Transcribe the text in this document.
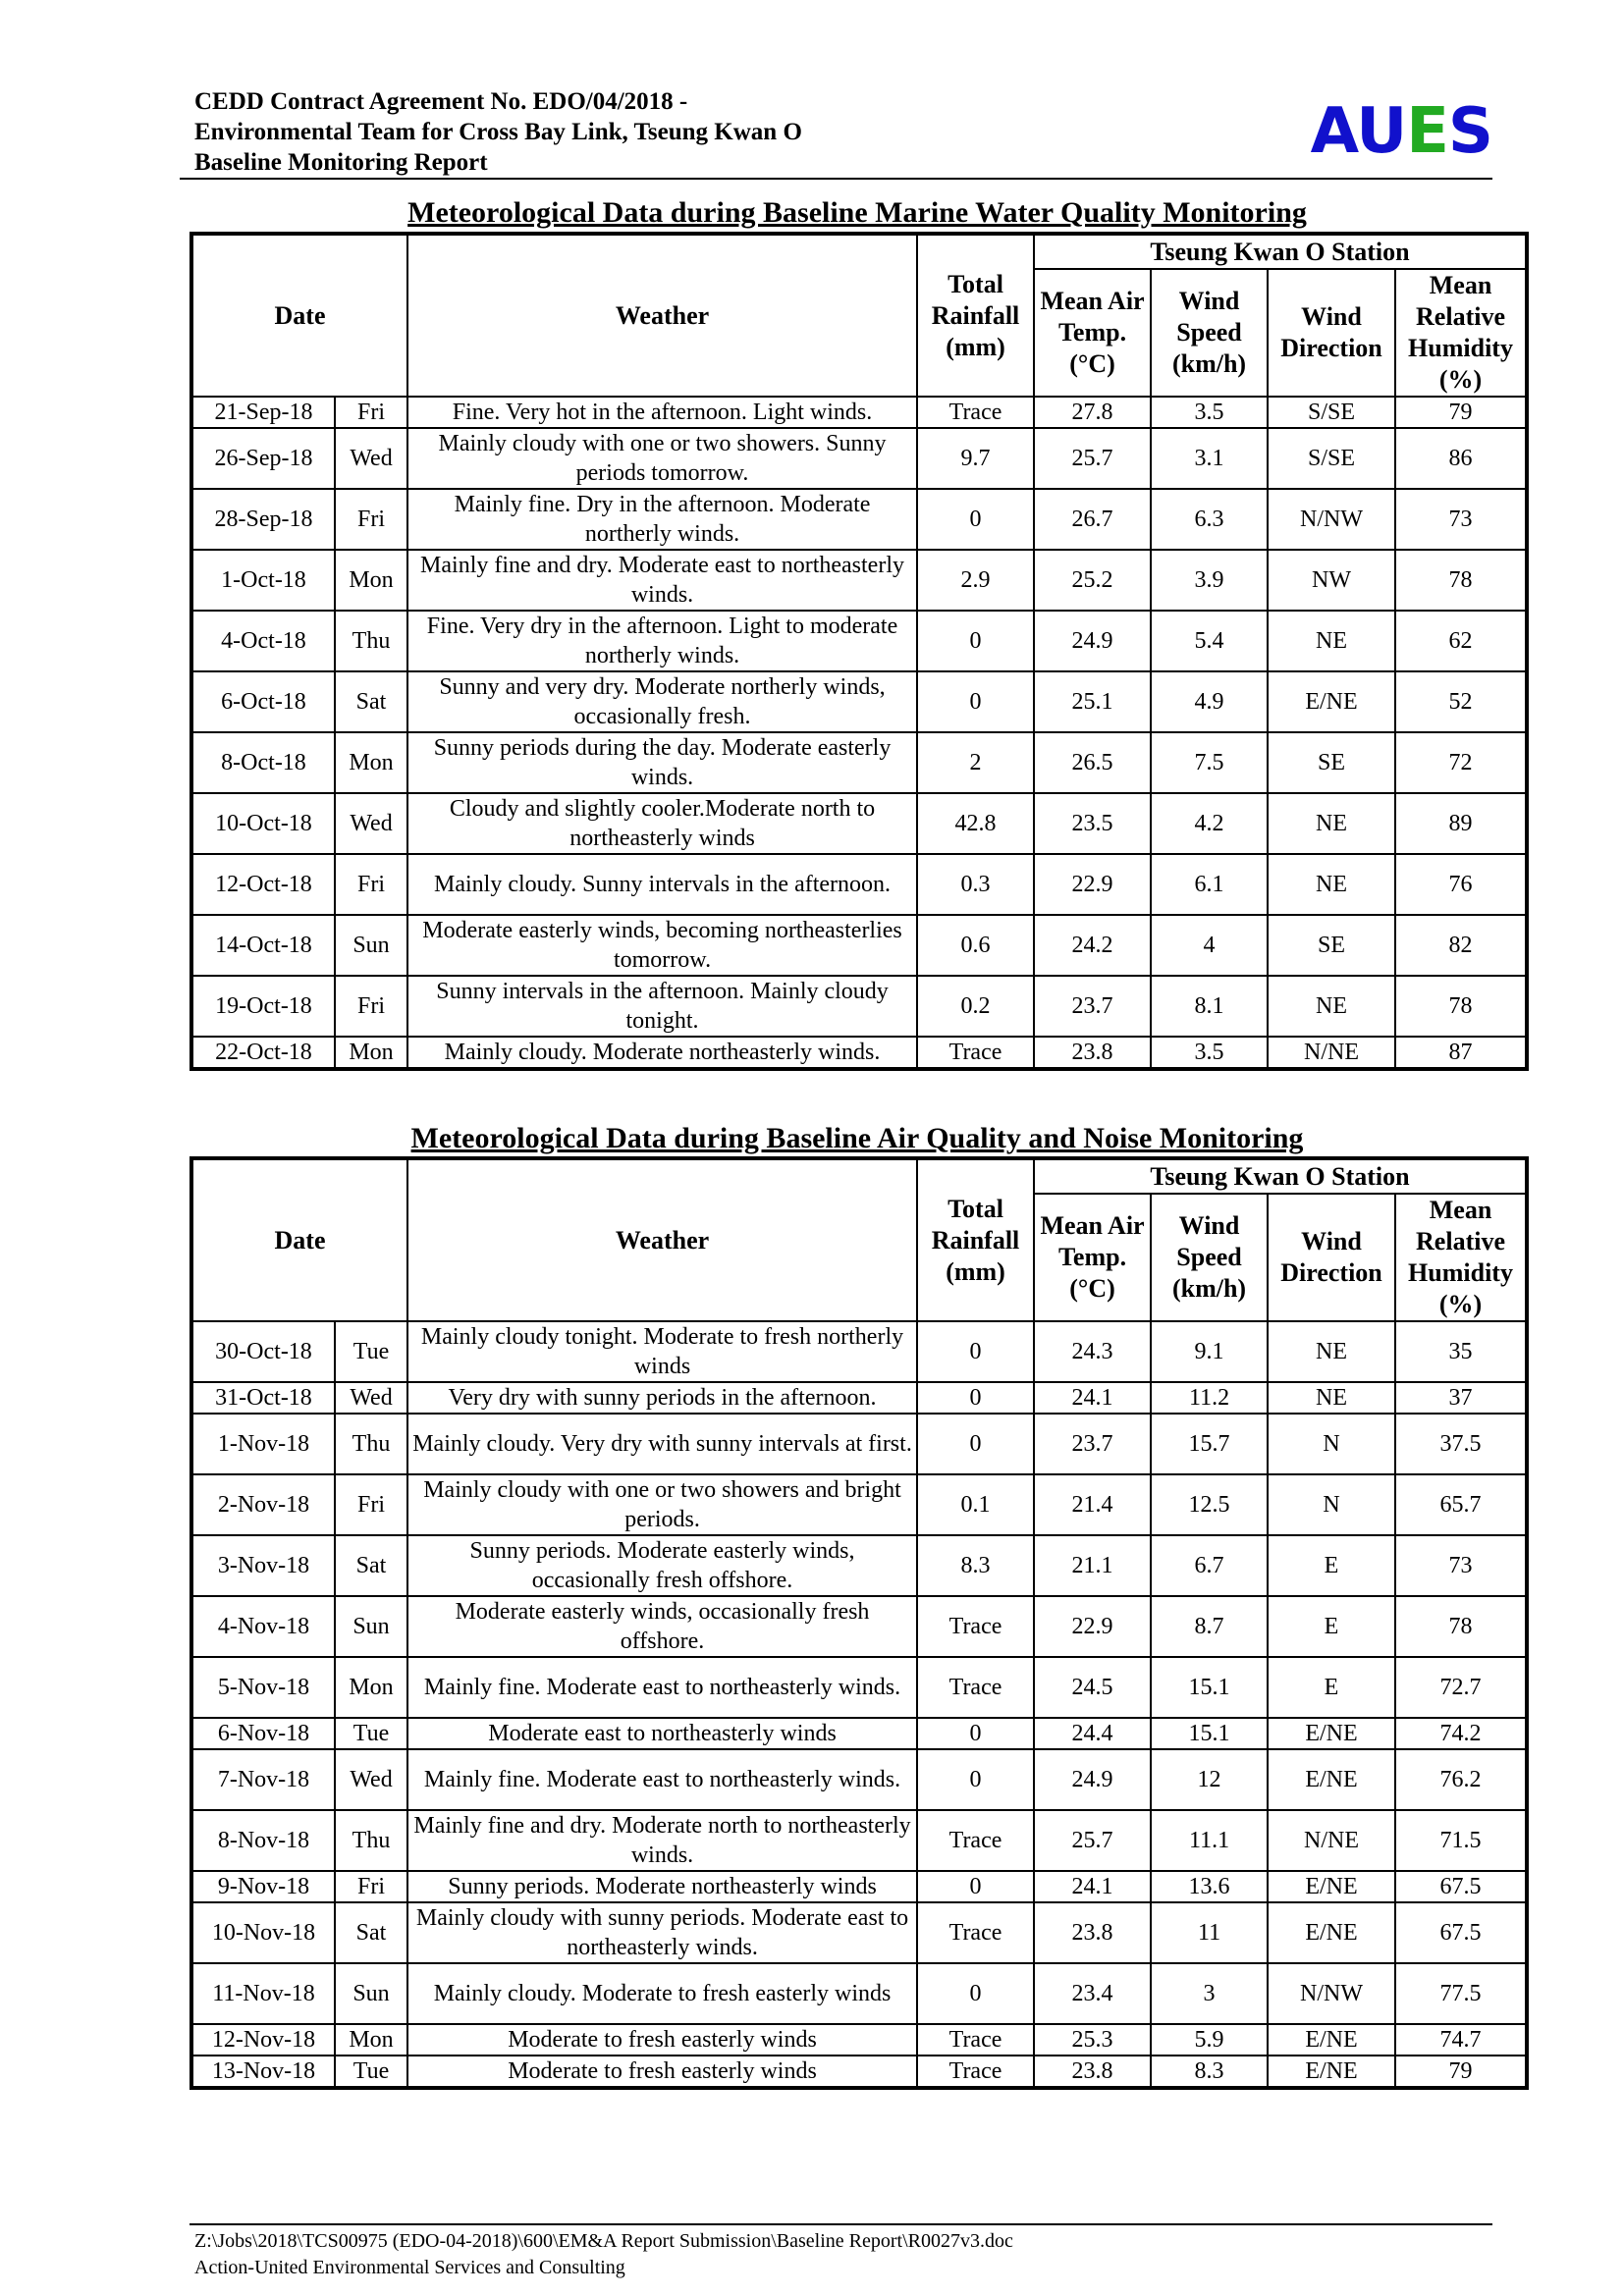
CEDD Contract Agreement No. EDO/04/2018 -
Environmental Team for Cross Bay Link, Tseung Kwan O
Baseline Monitoring Report	AUES
Meteorological Data during Baseline Marine Water Quality Monitoring
Date		Weather	Total Rainfall (mm)	Tseung Kwan O Station			
				Mean Air Temp. (°C)	Wind Speed (km/h)	Wind Direction	Mean Relative Humidity (%)
21-Sep-18	Fri	Fine. Very hot in the afternoon. Light winds.	Trace	27.8	3.5	S/SE	79
26-Sep-18	Wed	Mainly cloudy with one or two showers. Sunny periods tomorrow.	9.7	25.7	3.1	S/SE	86
28-Sep-18	Fri	Mainly fine. Dry in the afternoon. Moderate northerly winds.	0	26.7	6.3	N/NW	73
1-Oct-18	Mon	Mainly fine and dry. Moderate east to northeasterly winds.	2.9	25.2	3.9	NW	78
4-Oct-18	Thu	Fine. Very dry in the afternoon. Light to moderate northerly winds.	0	24.9	5.4	NE	62
6-Oct-18	Sat	Sunny and very dry. Moderate northerly winds, occasionally fresh.	0	25.1	4.9	E/NE	52
8-Oct-18	Mon	Sunny periods during the day. Moderate easterly winds.	2	26.5	7.5	SE	72
10-Oct-18	Wed	Cloudy and slightly cooler.Moderate north to northeasterly winds	42.8	23.5	4.2	NE	89
12-Oct-18	Fri	Mainly cloudy. Sunny intervals in the afternoon.	0.3	22.9	6.1	NE	76
14-Oct-18	Sun	Moderate easterly winds, becoming northeasterlies tomorrow.	0.6	24.2	4	SE	82
19-Oct-18	Fri	Sunny intervals in the afternoon. Mainly cloudy tonight.	0.2	23.7	8.1	NE	78
22-Oct-18	Mon	Mainly cloudy. Moderate northeasterly winds.	Trace	23.8	3.5	N/NE	87
Meteorological Data during Baseline Air Quality and Noise Monitoring
Date		Weather	Total Rainfall (mm)	Tseung Kwan O Station			
				Mean Air Temp. (°C)	Wind Speed (km/h)	Wind Direction	Mean Relative Humidity (%)
30-Oct-18	Tue	Mainly cloudy tonight. Moderate to fresh northerly winds	0	24.3	9.1	NE	35
31-Oct-18	Wed	Very dry with sunny periods in the afternoon.	0	24.1	11.2	NE	37
1-Nov-18	Thu	Mainly cloudy. Very dry with sunny intervals at first.	0	23.7	15.7	N	37.5
2-Nov-18	Fri	Mainly cloudy with one or two showers and bright periods.	0.1	21.4	12.5	N	65.7
3-Nov-18	Sat	Sunny periods. Moderate easterly winds, occasionally fresh offshore.	8.3	21.1	6.7	E	73
4-Nov-18	Sun	Moderate easterly winds, occasionally fresh offshore.	Trace	22.9	8.7	E	78
5-Nov-18	Mon	Mainly fine. Moderate east to northeasterly winds.	Trace	24.5	15.1	E	72.7
6-Nov-18	Tue	Moderate east to northeasterly winds	0	24.4	15.1	E/NE	74.2
7-Nov-18	Wed	Mainly fine. Moderate east to northeasterly winds.	0	24.9	12	E/NE	76.2
8-Nov-18	Thu	Mainly fine and dry. Moderate north to northeasterly winds.	Trace	25.7	11.1	N/NE	71.5
9-Nov-18	Fri	Sunny periods. Moderate northeasterly winds	0	24.1	13.6	E/NE	67.5
10-Nov-18	Sat	Mainly cloudy with sunny periods. Moderate east to northeasterly winds.	Trace	23.8	11	E/NE	67.5
11-Nov-18	Sun	Mainly cloudy. Moderate to fresh easterly winds	0	23.4	3	N/NW	77.5
12-Nov-18	Mon	Moderate to fresh easterly winds	Trace	25.3	5.9	E/NE	74.7
13-Nov-18	Tue	Moderate to fresh easterly winds	Trace	23.8	8.3	E/NE	79
Z:\Jobs\2018\TCS00975 (EDO-04-2018)\600\EM&A Report Submission\Baseline Report\R0027v3.doc
Action-United Environmental Services and Consulting
